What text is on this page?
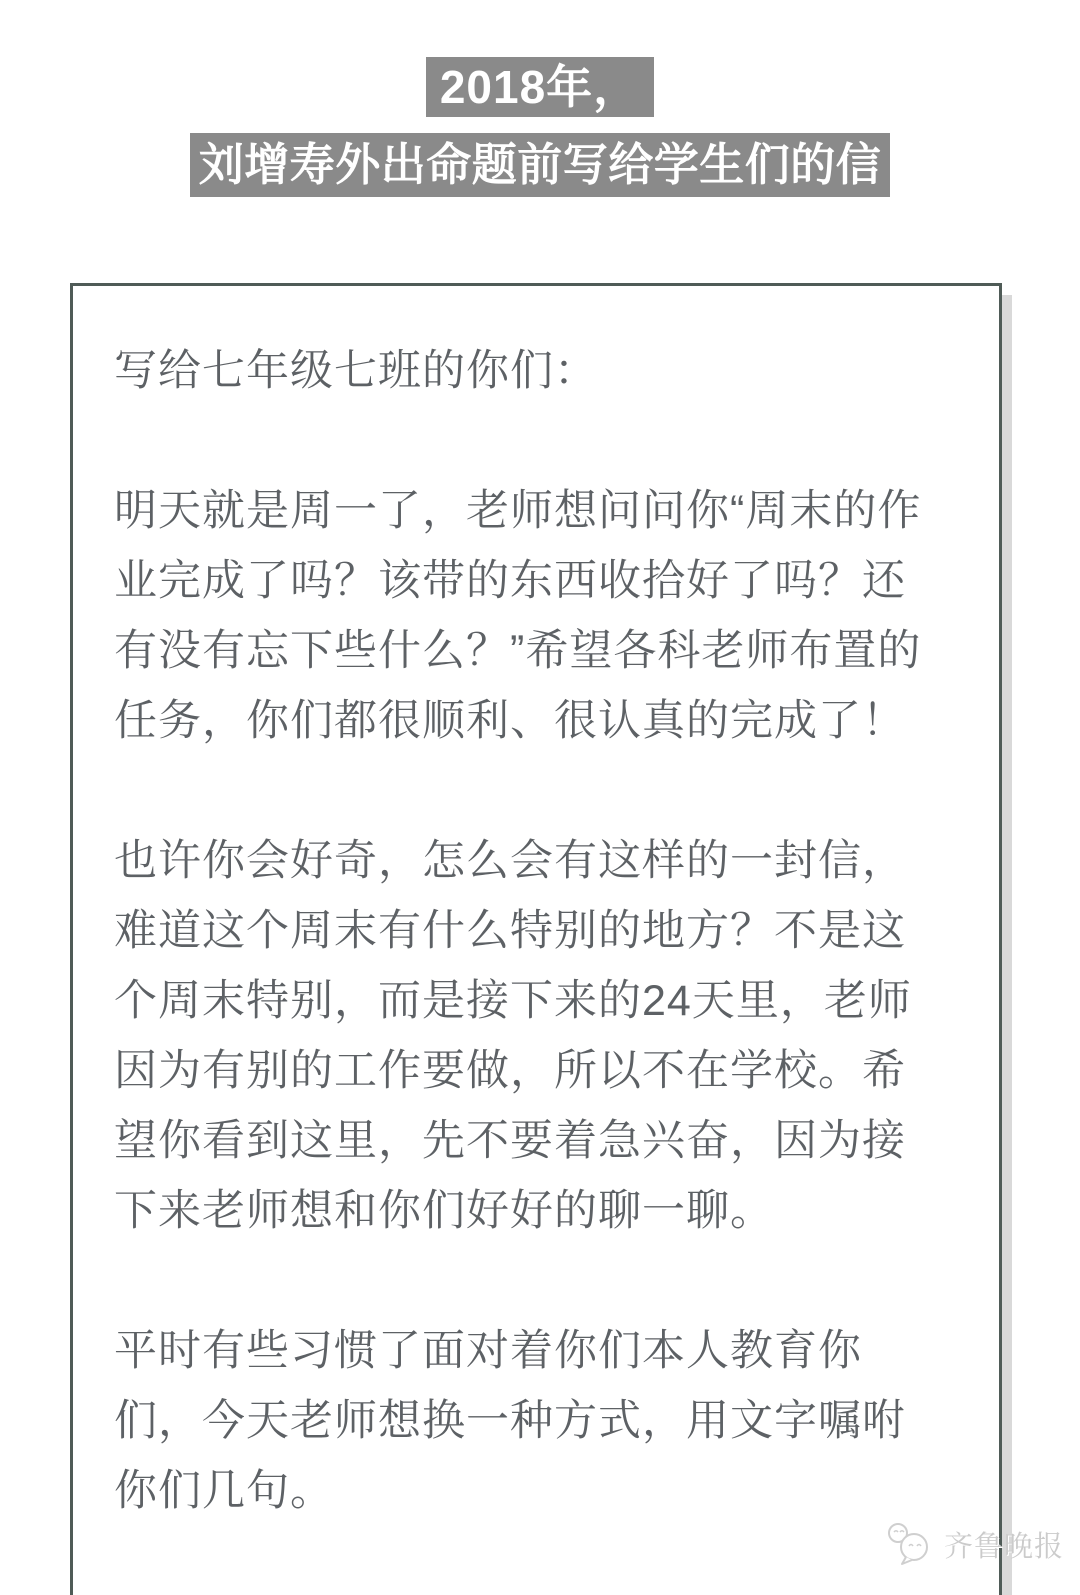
2018年，
刘增寿外出命题前写给学生们的信
写给七年级七班的你们：
明天就是周一了，老师想问问你“周末的作
业完成了吗？该带的东西收拾好了吗？还
有没有忘下些什么？”希望各科老师布置的
任务，你们都很顺利、很认真的完成了！
也许你会好奇，怎么会有这样的一封信，
难道这个周末有什么特别的地方？不是这
个周末特别，而是接下来的24天里，老师
因为有别的工作要做，所以不在学校。希
望你看到这里，先不要着急兴奋，因为接
下来老师想和你们好好的聊一聊。
平时有些习惯了面对着你们本人教育你
们，今天老师想换一种方式，用文字嘱咐
你们几句。
齐鲁晚报
